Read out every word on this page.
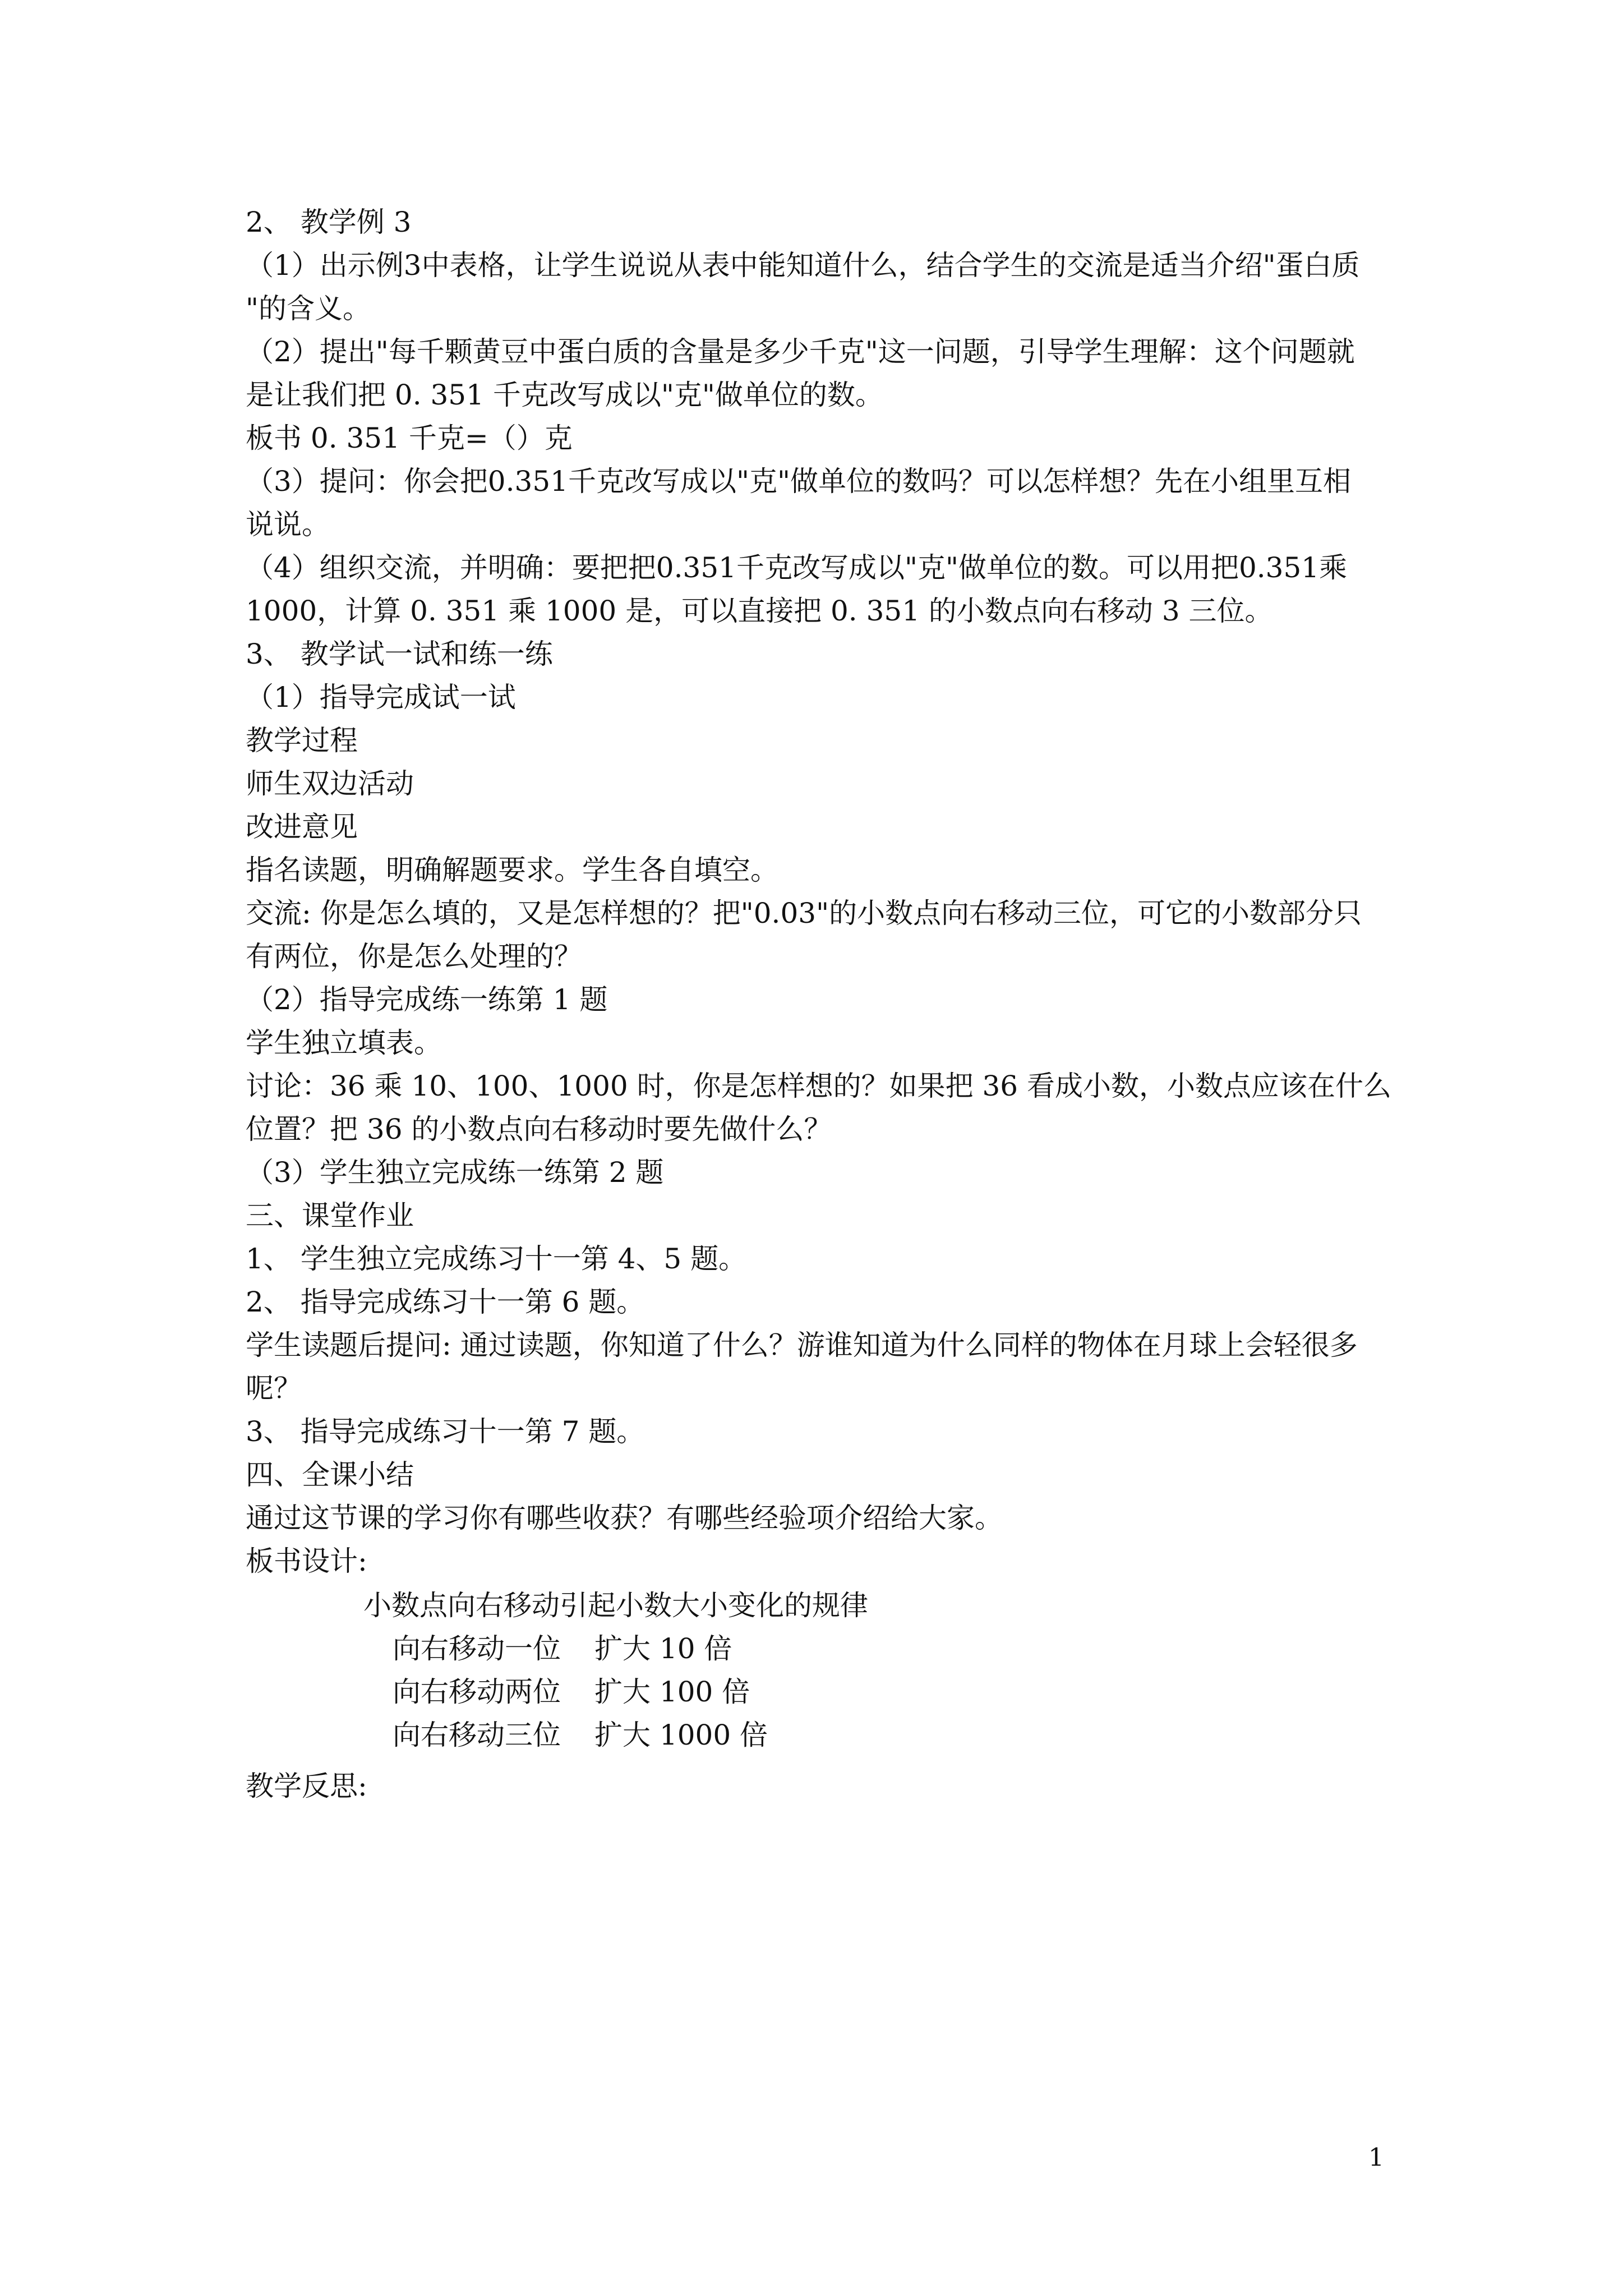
2、 教学例 3

（1）出示例3中表格，让学生说说从表中能知道什么，结合学生的交流是适当介绍"蛋白质

"的含义。

（2）提出"每千颗黄豆中蛋白质的含量是多少千克"这一问题，引导学生理解：这个问题就

是让我们把 0. 351 千克改写成以"克"做单位的数。

板书 0. 351 千克=（）克

（3）提问：你会把0.351千克改写成以"克"做单位的数吗？可以怎样想？先在小组里互相

说说。

（4）组织交流，并明确：要把把0.351千克改写成以"克"做单位的数。可以用把0.351乘

1000，计算 0. 351 乘 1000 是，可以直接把 0. 351 的小数点向右移动 3 三位。

3、 教学试一试和练一练

（1）指导完成试一试

教学过程

师生双边活动

改进意见

指名读题，明确解题要求。学生各自填空。

交流: 你是怎么填的，又是怎样想的？把"0.03"的小数点向右移动三位，可它的小数部分只

有两位，你是怎么处理的？

（2）指导完成练一练第 1 题

学生独立填表。

讨论：36 乘 10、100、1000 时，你是怎样想的？如果把 36 看成小数，小数点应该在什么

位置？把 36 的小数点向右移动时要先做什么？

（3）学生独立完成练一练第 2 题

三、课堂作业

1、 学生独立完成练习十一第 4、5 题。

2、 指导完成练习十一第 6 题。

学生读题后提问: 通过读题，你知道了什么？游谁知道为什么同样的物体在月球上会轻很多

呢？

3、 指导完成练习十一第 7 题。

四、全课小结

通过这节课的学习你有哪些收获？有哪些经验项介绍给大家。

板书设计:

小数点向右移动引起小数大小变化的规律
向右移动一位 扩大 10 倍
向右移动两位 扩大 100 倍
向右移动三位 扩大 1000 倍

教学反思:

1
